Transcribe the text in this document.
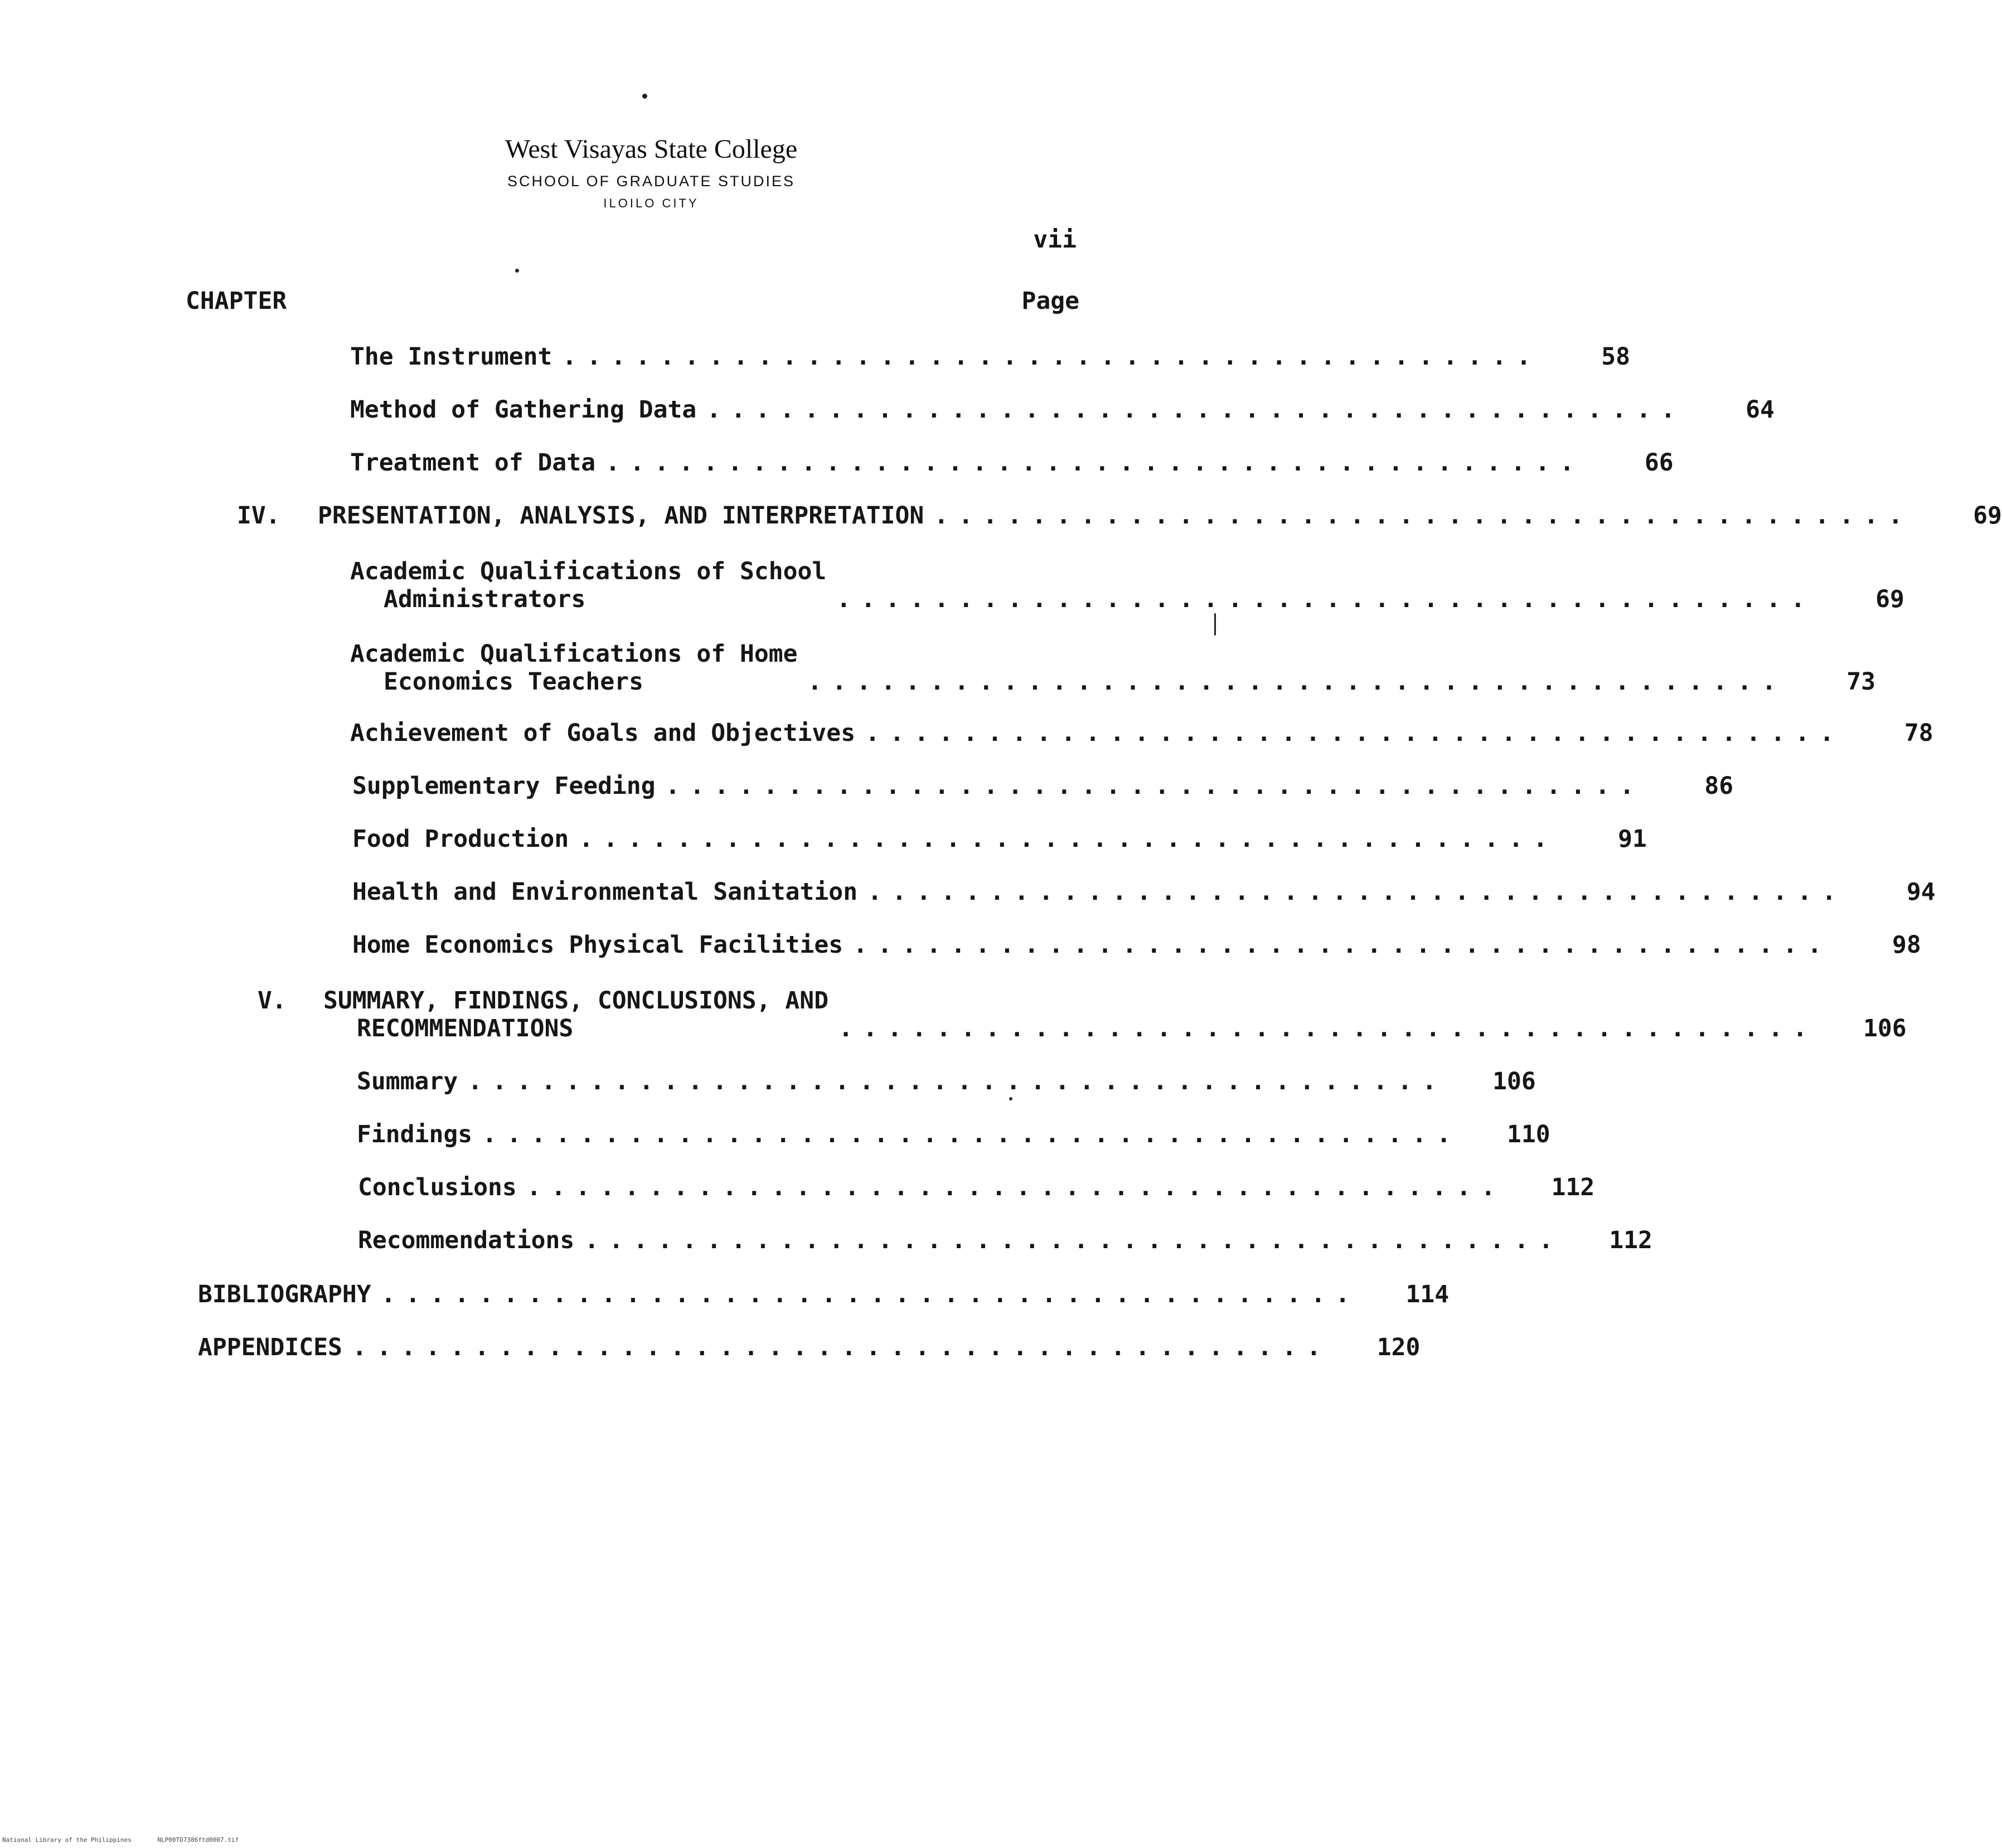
West Visayas State College
SCHOOL OF GRADUATE STUDIES
ILOILO CITY
vii
CHAPTER	Page
The Instrument ........................................	58
Method of Gathering Data ........................................	64
Treatment of Data ........................................	66
IV. PRESENTATION, ANALYSIS, AND INTERPRETATION ........................................	69
Academic Qualifications of School
Administrators	........................................	69
Academic Qualifications of Home
Economics Teachers	........................................	73
Achievement of Goals and Objectives ........................................	78
Supplementary Feeding ........................................	86
Food Production ........................................	91
Health and Environmental Sanitation ........................................	94
Home Economics Physical Facilities ........................................	98
V. SUMMARY, FINDINGS, CONCLUSIONS, AND
RECOMMENDATIONS	........................................ 106
Summary ........................................ 106
Findings ........................................ 110
Conclusions ........................................ 112
Recommendations ........................................ 112
BIBLIOGRAPHY ........................................ 114
APPENDICES ........................................ 120
National Library of the Philippines	NLP00TD7386ftd0007.tif
